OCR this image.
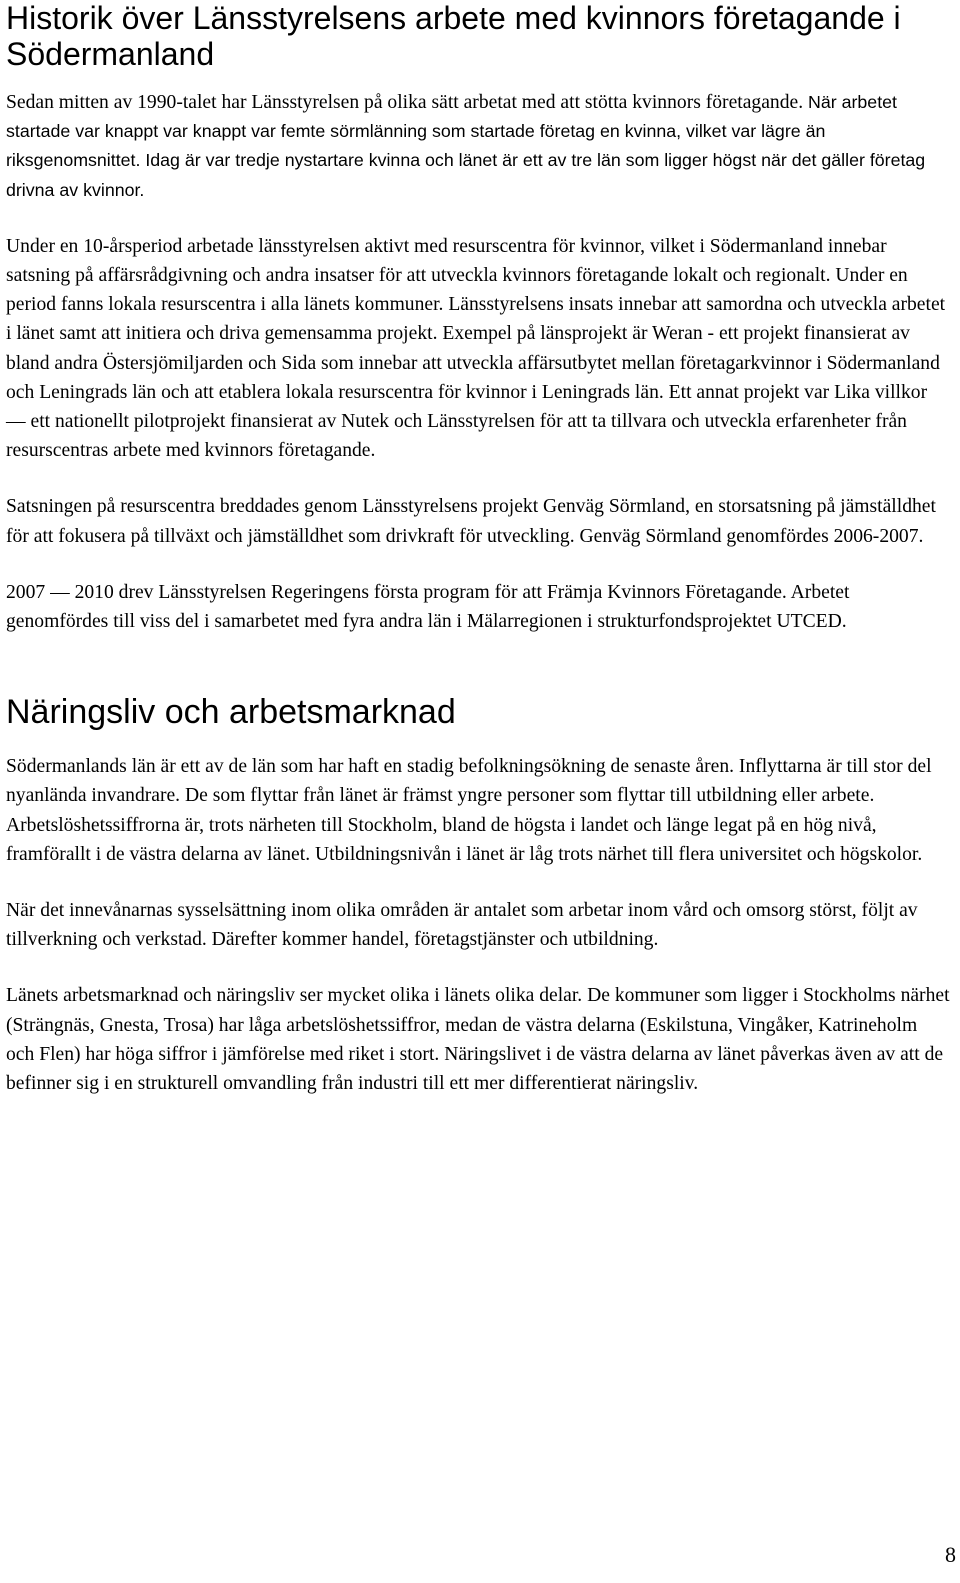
Historik över Länsstyrelsens arbete med kvinnors företagande i Södermanland

Sedan mitten av 1990-talet har Länsstyrelsen på olika sätt arbetat med att stötta kvinnors företagande. När arbetet startade var knappt var knappt var femte sörmlänning som startade företag en kvinna, vilket var lägre än riksgenomsnittet. Idag är var tredje nystartare kvinna och länet är ett av tre län som ligger högst när det gäller företag drivna av kvinnor.

Under en 10-årsperiod arbetade länsstyrelsen aktivt med resurscentra för kvinnor, vilket i Södermanland innebar satsning på affärsrådgivning och andra insatser för att utveckla kvinnors företagande lokalt och regionalt. Under en period fanns lokala resurscentra i alla länets kommuner. Länsstyrelsens insats innebar att samordna och utveckla arbetet i länet samt att initiera och driva gemensamma projekt. Exempel på länsprojekt är Weran - ett projekt finansierat av bland andra Östersjömiljarden och Sida som innebar att utveckla affärsutbytet mellan företagarkvinnor i Södermanland och Leningrads län och att etablera lokala resurscentra för kvinnor i Leningrads län. Ett annat projekt var Lika villkor — ett nationellt pilotprojekt finansierat av Nutek och Länsstyrelsen för att ta tillvara och utveckla erfarenheter från resurscentras arbete med kvinnors företagande.

Satsningen på resurscentra breddades genom Länsstyrelsens projekt Genväg Sörmland, en storsatsning på jämställdhet för att fokusera på tillväxt och jämställdhet som drivkraft för utveckling. Genväg Sörmland genomfördes 2006-2007.

2007 — 2010 drev Länsstyrelsen Regeringens första program för att Främja Kvinnors Företagande. Arbetet genomfördes till viss del i samarbetet med fyra andra län i Mälarregionen i strukturfondsprojektet UTCED.

Näringsliv och arbetsmarknad

Södermanlands län är ett av de län som har haft en stadig befolkningsökning de senaste åren. Inflyttarna är till stor del nyanlända invandrare. De som flyttar från länet är främst yngre personer som flyttar till utbildning eller arbete. Arbetslöshetssiffrorna är, trots närheten till Stockholm, bland de högsta i landet och länge legat på en hög nivå, framförallt i de västra delarna av länet. Utbildningsnivån i länet är låg trots närhet till flera universitet och högskolor.

När det innevånarnas sysselsättning inom olika områden är antalet som arbetar inom vård och omsorg störst, följt av tillverkning och verkstad. Därefter kommer handel, företagstjänster och utbildning.

Länets arbetsmarknad och näringsliv ser mycket olika i länets olika delar. De kommuner som ligger i Stockholms närhet (Strängnäs, Gnesta, Trosa) har låga arbetslöshetssiffror, medan de västra delarna (Eskilstuna, Vingåker, Katrineholm och Flen) har höga siffror i jämförelse med riket i stort. Näringslivet i de västra delarna av länet påverkas även av att de befinner sig i en strukturell omvandling från industri till ett mer differentierat näringsliv.

8
